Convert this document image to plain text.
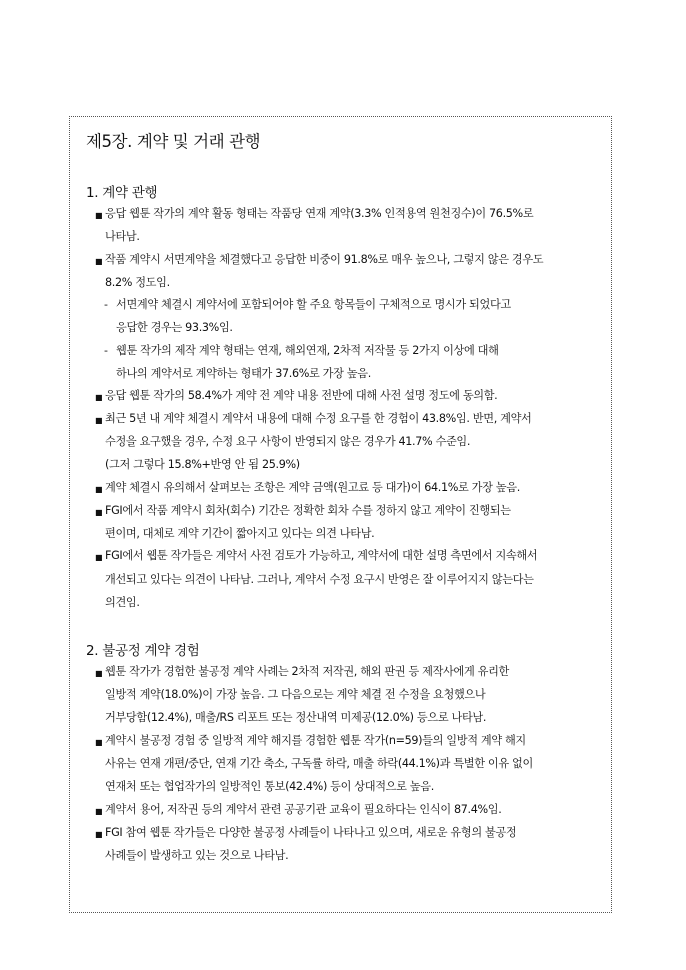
제5장. 계약 및 거래 관행
1. 계약 관행
■ 응답 웹툰 작가의 계약 활동 형태는 작품당 연재 계약(3.3% 인적용역 원천징수)이 76.5%로
나타남.
■ 작품 계약시 서면계약을 체결했다고 응답한 비중이 91.8%로 매우 높으나, 그렇지 않은 경우도
8.2% 정도임.
- 서면계약 체결시 계약서에 포함되어야 할 주요 항목들이 구체적으로 명시가 되었다고
응답한 경우는 93.3%임.
- 웹툰 작가의 제작 계약 형태는 연재, 해외연재, 2차적 저작물 등 2가지 이상에 대해
하나의 계약서로 계약하는 형태가 37.6%로 가장 높음.
■ 응답 웹툰 작가의 58.4%가 계약 전 계약 내용 전반에 대해 사전 설명 정도에 동의함.
■ 최근 5년 내 계약 체결시 계약서 내용에 대해 수정 요구를 한 경험이 43.8%임. 반면, 계약서
수정을 요구했을 경우, 수정 요구 사항이 반영되지 않은 경우가 41.7% 수준임.
(그저 그렇다 15.8%+반영 안 됨 25.9%)
■ 계약 체결시 유의해서 살펴보는 조항은 계약 금액(원고료 등 대가)이 64.1%로 가장 높음.
■ FGI에서 작품 계약시 회차(회수) 기간은 정확한 회차 수를 정하지 않고 계약이 진행되는
편이며, 대체로 계약 기간이 짧아지고 있다는 의견 나타남.
■ FGI에서 웹툰 작가들은 계약서 사전 검토가 가능하고, 계약서에 대한 설명 측면에서 지속해서
개선되고 있다는 의견이 나타남. 그러나, 계약서 수정 요구시 반영은 잘 이루어지지 않는다는
의견임.
2. 불공정 계약 경험
■ 웹툰 작가가 경험한 불공정 계약 사례는 2차적 저작권, 해외 판권 등 제작사에게 유리한
일방적 계약(18.0%)이 가장 높음. 그 다음으로는 계약 체결 전 수정을 요청했으나
거부당함(12.4%), 매출/RS 리포트 또는 정산내역 미제공(12.0%) 등으로 나타남.
■ 계약시 불공정 경험 중 일방적 계약 해지를 경험한 웹툰 작가(n=59)들의 일방적 계약 해지
사유는 연재 개편/중단, 연재 기간 축소, 구독률 하락, 매출 하락(44.1%)과 특별한 이유 없이
연재처 또는 협업작가의 일방적인 통보(42.4%) 등이 상대적으로 높음.
■ 계약서 용어, 저작권 등의 계약서 관련 공공기관 교육이 필요하다는 인식이 87.4%임.
■ FGI 참여 웹툰 작가들은 다양한 불공정 사례들이 나타나고 있으며, 새로운 유형의 불공정
사례들이 발생하고 있는 것으로 나타남.
